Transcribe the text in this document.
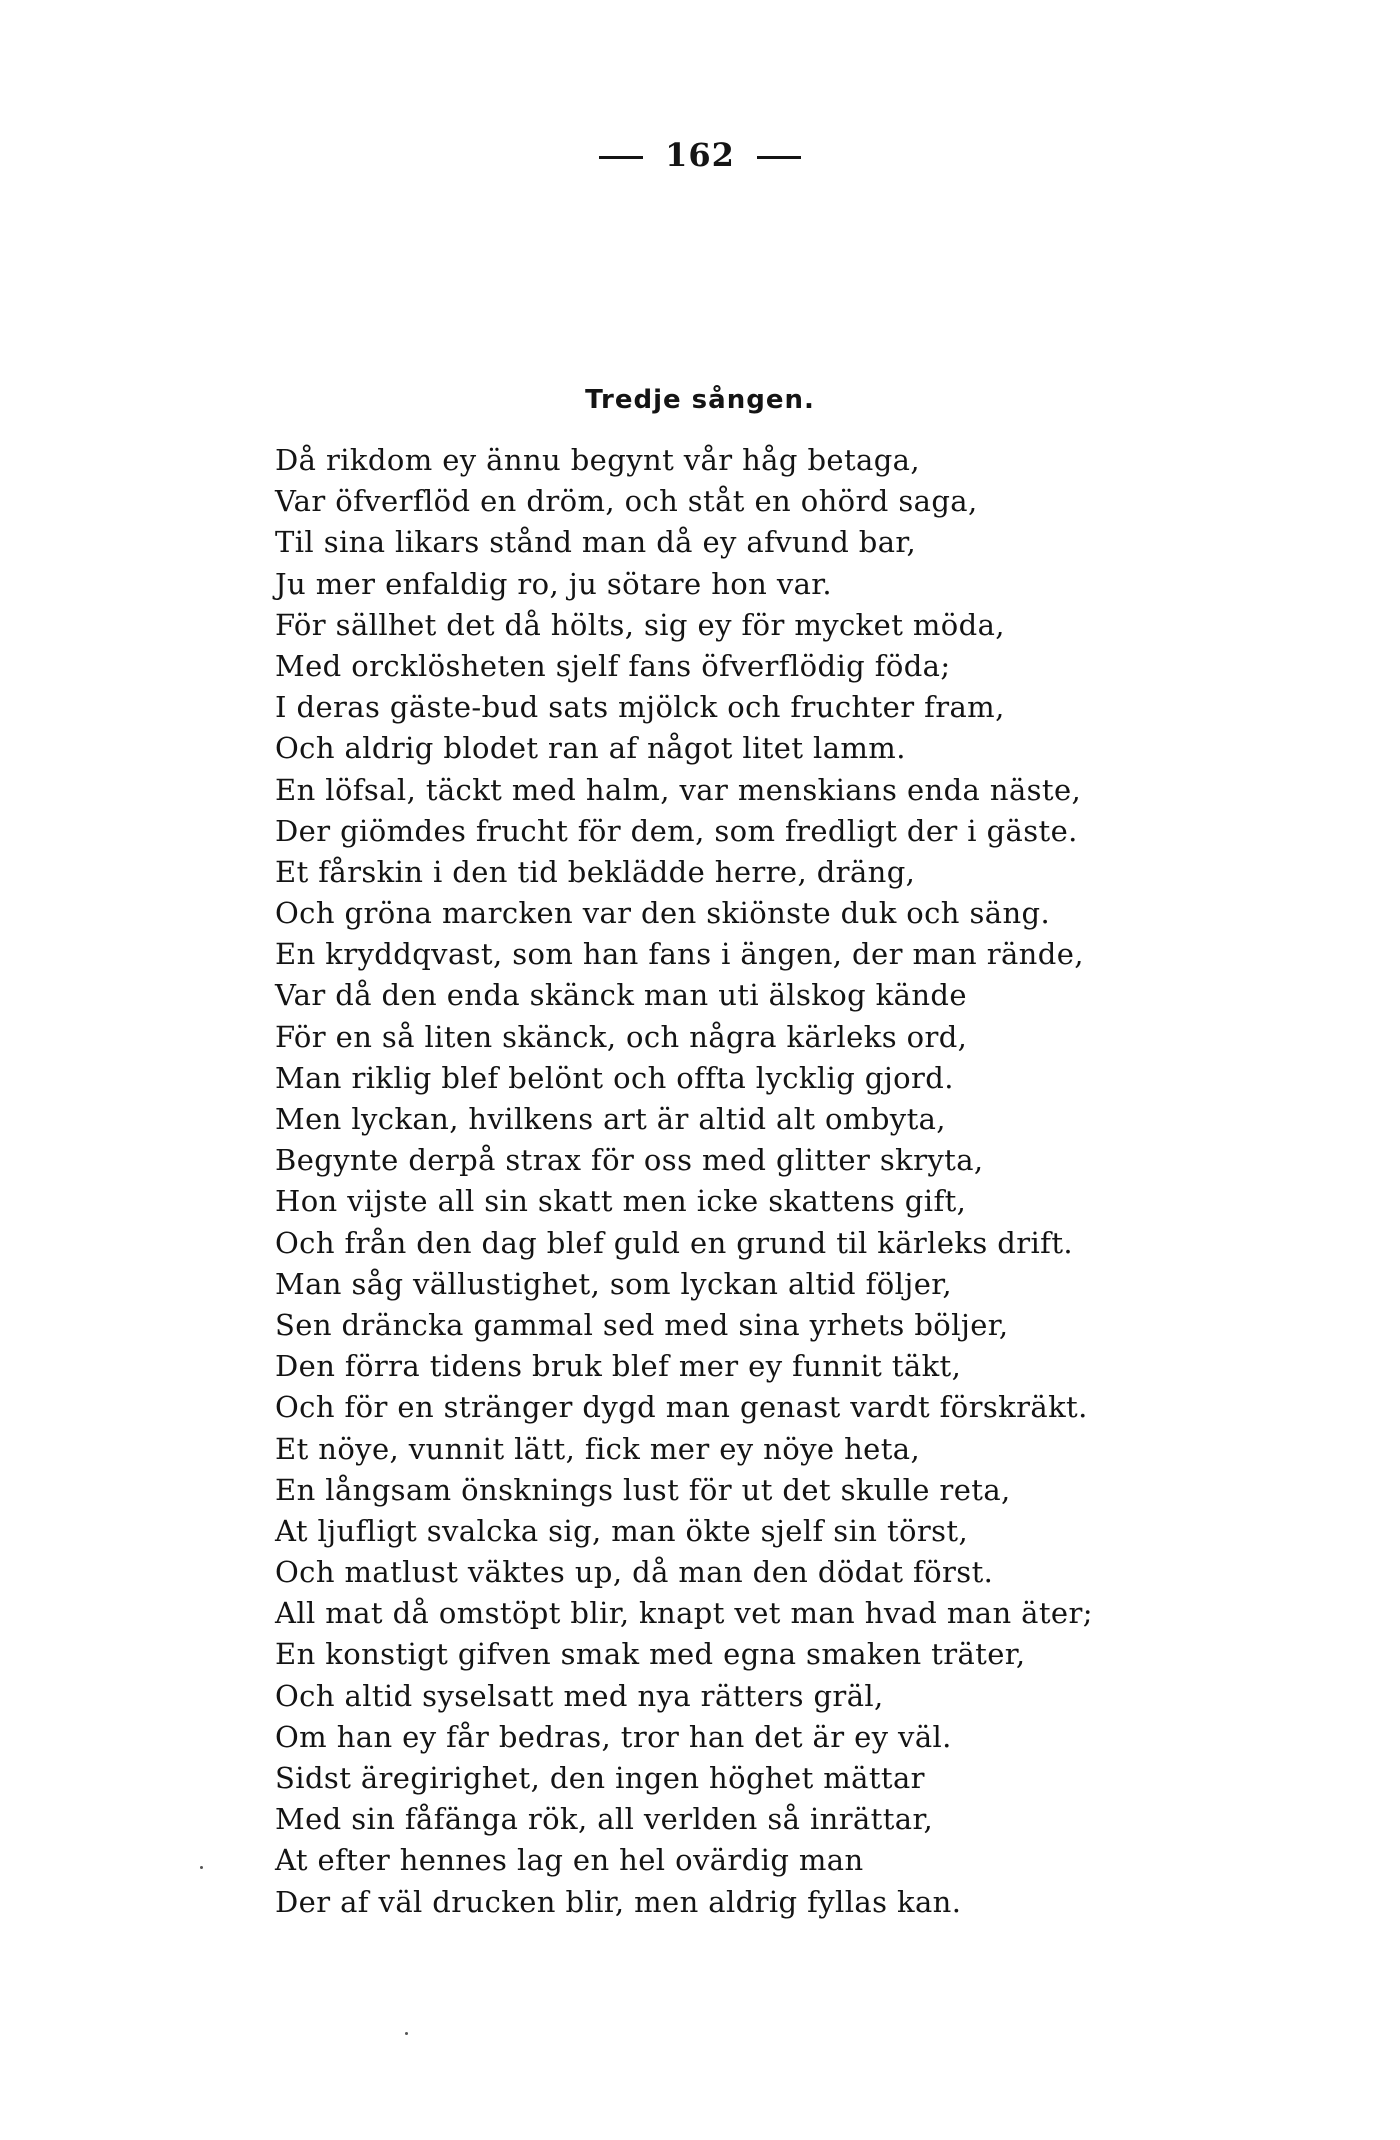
162
Tredje sången.
Då rikdom ey ännu begynt vår håg betaga,
Var öfverflöd en dröm, och ståt en ohörd saga,
Til sina likars stånd man då ey afvund bar,
Ju mer enfaldig ro, ju sötare hon var.
För sällhet det då hölts, sig ey för mycket möda,
Med orcklösheten sjelf fans öfverflödig föda;
I deras gäste-bud sats mjölck och fruchter fram,
Och aldrig blodet ran af något litet lamm.
En löfsal, täckt med halm, var menskians enda näste,
Der giömdes frucht för dem, som fredligt der i gäste.
Et fårskin i den tid beklädde herre, dräng,
Och gröna marcken var den skiönste duk och säng.
En kryddqvast, som han fans i ängen, der man rände,
Var då den enda skänck man uti älskog kände
För en så liten skänck, och några kärleks ord,
Man riklig blef belönt och offta lycklig gjord.
Men lyckan, hvilkens art är altid alt ombyta,
Begynte derpå strax för oss med glitter skryta,
Hon vijste all sin skatt men icke skattens gift,
Och från den dag blef guld en grund til kärleks drift.
Man såg vällustighet, som lyckan altid följer,
Sen dräncka gammal sed med sina yrhets böljer,
Den förra tidens bruk blef mer ey funnit täkt,
Och för en stränger dygd man genast vardt förskräkt.
Et nöye, vunnit lätt, fick mer ey nöye heta,
En långsam önsknings lust för ut det skulle reta,
At ljufligt svalcka sig, man ökte sjelf sin törst,
Och matlust väktes up, då man den dödat först.
All mat då omstöpt blir, knapt vet man hvad man äter;
En konstigt gifven smak med egna smaken träter,
Och altid syselsatt med nya rätters gräl,
Om han ey får bedras, tror han det är ey väl.
Sidst äregirighet, den ingen höghet mättar
Med sin fåfänga rök, all verlden så inrättar,
At efter hennes lag en hel ovärdig man
Der af väl drucken blir, men aldrig fyllas kan.
